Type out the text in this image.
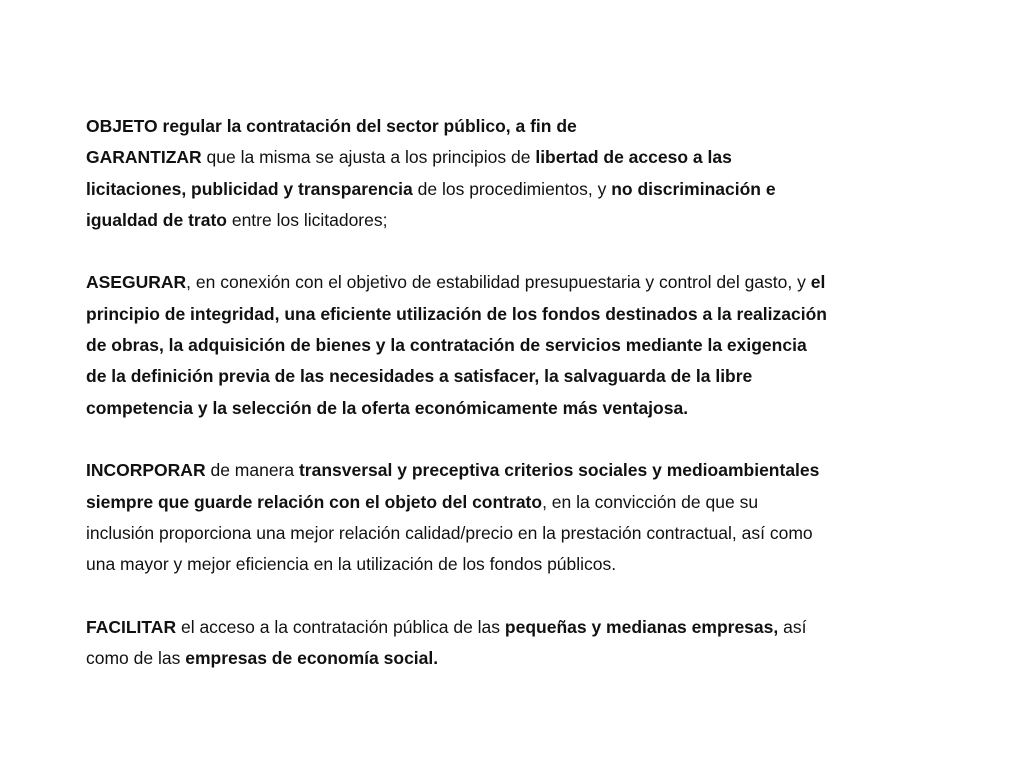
OBJETO regular la contratación del sector público, a fin de
GARANTIZAR que la misma se ajusta a los principios de libertad de acceso a las
licitaciones, publicidad y transparencia de los procedimientos, y no discriminación e
igualdad de trato entre los licitadores;
ASEGURAR, en conexión con el objetivo de estabilidad presupuestaria y control del gasto, y el
principio de integridad, una eficiente utilización de los fondos destinados a la realización
de obras, la adquisición de bienes y la contratación de servicios mediante la exigencia
de la definición previa de las necesidades a satisfacer, la salvaguarda de la libre
competencia y la selección de la oferta económicamente más ventajosa.
INCORPORAR de manera transversal y preceptiva criterios sociales y medioambientales
siempre que guarde relación con el objeto del contrato, en la convicción de que su
inclusión proporciona una mejor relación calidad/precio en la prestación contractual, así como
una mayor y mejor eficiencia en la utilización de los fondos públicos.
FACILITAR el acceso a la contratación pública de las pequeñas y medianas empresas, así
como de las empresas de economía social.
